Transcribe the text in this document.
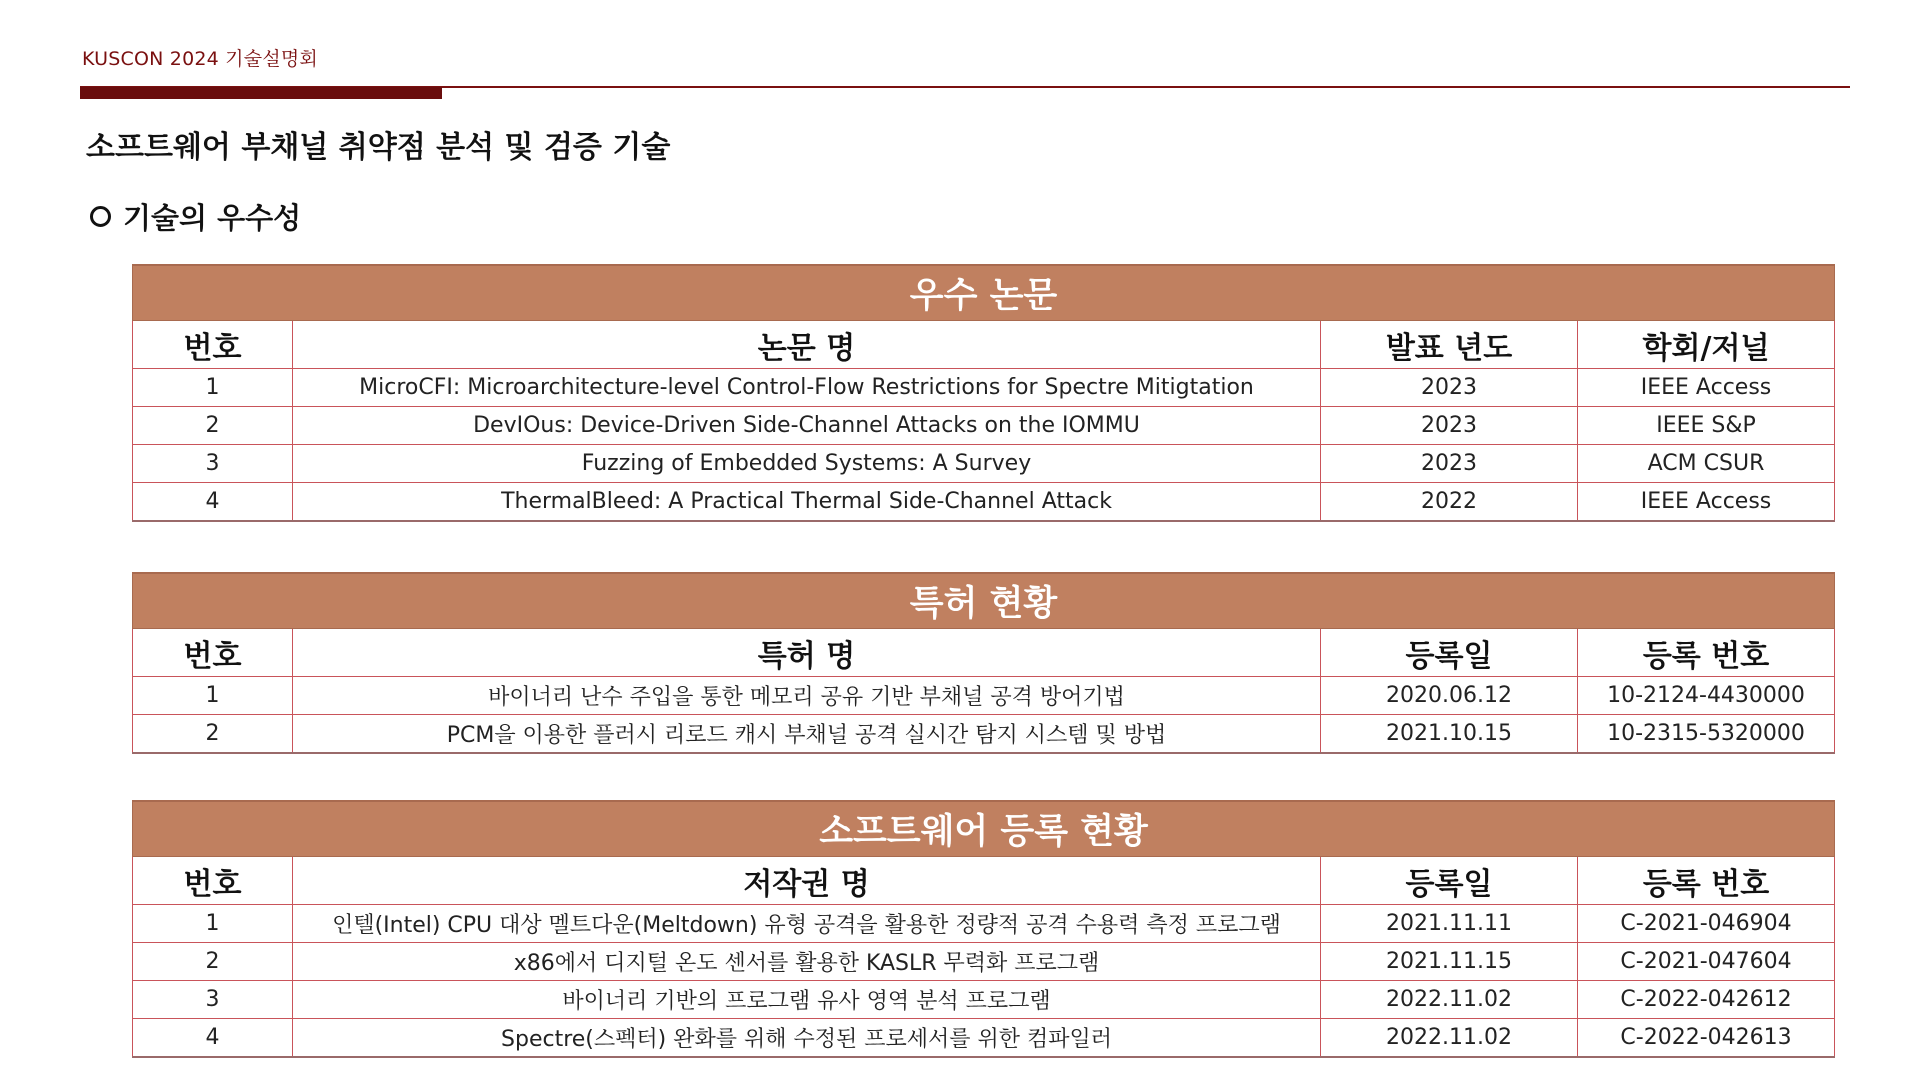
KUSCON 2024 기술설명회
소프트웨어 부채널 취약점 분석 및 검증 기술
기술의 우수성
우수 논문			
번호	논문 명	발표 년도	학회/저널
1	MicroCFI: Microarchitecture-level Control-Flow Restrictions for Spectre Mitigtation	2023	IEEE Access
2	DevIOus: Device-Driven Side-Channel Attacks on the IOMMU	2023	IEEE S&P
3	Fuzzing of Embedded Systems: A Survey	2023	ACM CSUR
4	ThermalBleed: A Practical Thermal Side-Channel Attack	2022	IEEE Access
특허 현황			
번호	특허 명	등록일	등록 번호
1	바이너리 난수 주입을 통한 메모리 공유 기반 부채널 공격 방어기법	2020.06.12	10-2124-4430000
2	PCM을 이용한 플러시 리로드 캐시 부채널 공격 실시간 탐지 시스템 및 방법	2021.10.15	10-2315-5320000
소프트웨어 등록 현황			
번호	저작권 명	등록일	등록 번호
1	인텔(Intel) CPU 대상 멜트다운(Meltdown) 유형 공격을 활용한 정량적 공격 수용력 측정 프로그램	2021.11.11	C-2021-046904
2	x86에서 디지털 온도 센서를 활용한 KASLR 무력화 프로그램	2021.11.15	C-2021-047604
3	바이너리 기반의 프로그램 유사 영역 분석 프로그램	2022.11.02	C-2022-042612
4	Spectre(스펙터) 완화를 위해 수정된 프로세서를 위한 컴파일러	2022.11.02	C-2022-042613
